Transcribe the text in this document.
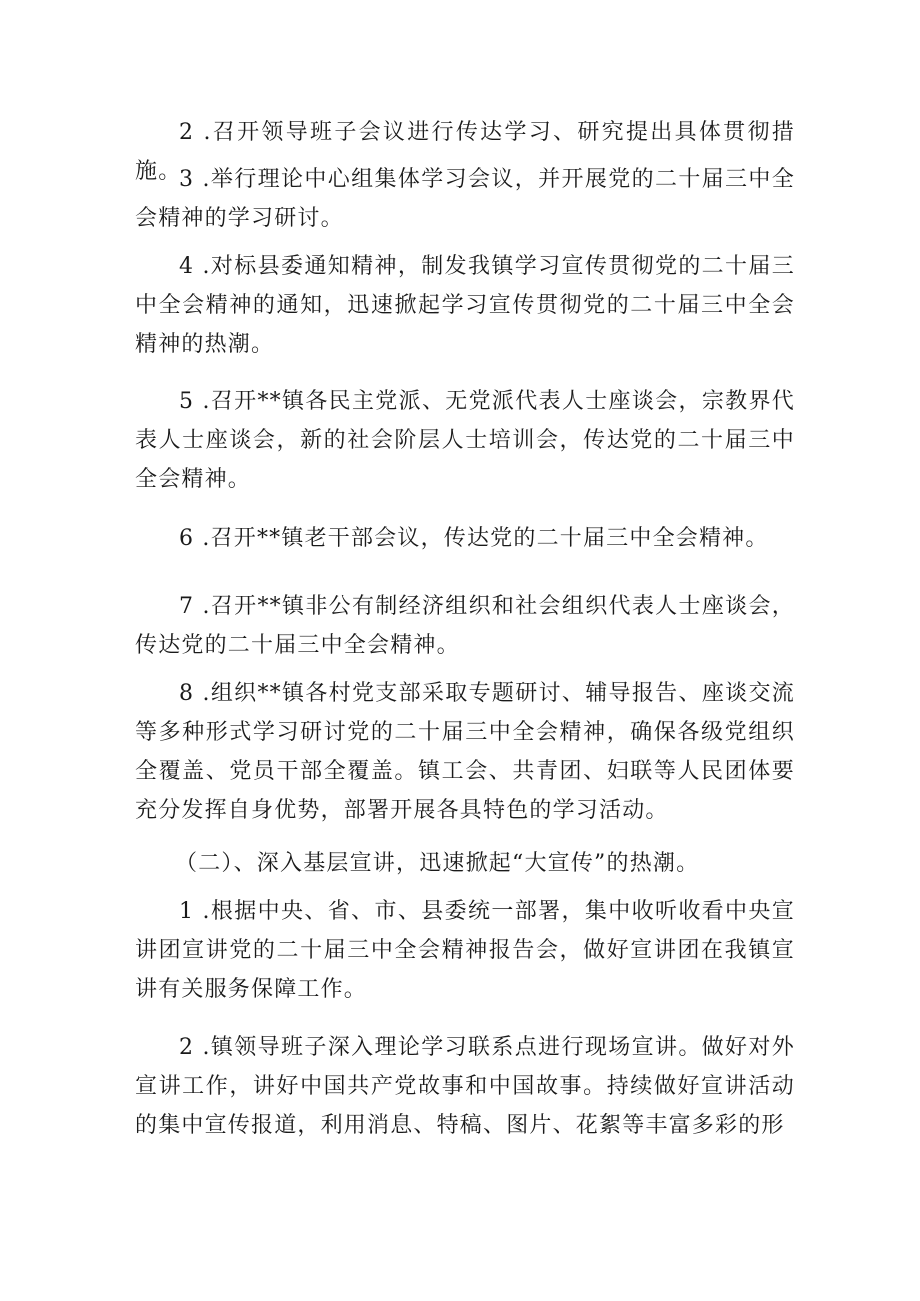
2 .召开领导班子会议进行传达学习、研究提出具体贯彻措施。

3 .举行理论中心组集体学习会议，并开展党的二十届三中全会精神的学习研讨。

4 .对标县委通知精神，制发我镇学习宣传贯彻党的二十届三中全会精神的通知，迅速掀起学习宣传贯彻党的二十届三中全会精神的热潮。

5 .召开**镇各民主党派、无党派代表人士座谈会，宗教界代表人士座谈会，新的社会阶层人士培训会，传达党的二十届三中全会精神。

6 .召开**镇老干部会议，传达党的二十届三中全会精神。

7 .召开**镇非公有制经济组织和社会组织代表人士座谈会，传达党的二十届三中全会精神。

8 .组织**镇各村党支部采取专题研讨、辅导报告、座谈交流等多种形式学习研讨党的二十届三中全会精神，确保各级党组织全覆盖、党员干部全覆盖。镇工会、共青团、妇联等人民团体要充分发挥自身优势，部署开展各具特色的学习活动。

（二）、深入基层宣讲，迅速掀起“大宣传”的热潮。

1 .根据中央、省、市、县委统一部署，集中收听收看中央宣讲团宣讲党的二十届三中全会精神报告会，做好宣讲团在我镇宣讲有关服务保障工作。

2 .镇领导班子深入理论学习联系点进行现场宣讲。做好对外宣讲工作，讲好中国共产党故事和中国故事。持续做好宣讲活动的集中宣传报道，利用消息、特稿、图片、花絮等丰富多彩的形
